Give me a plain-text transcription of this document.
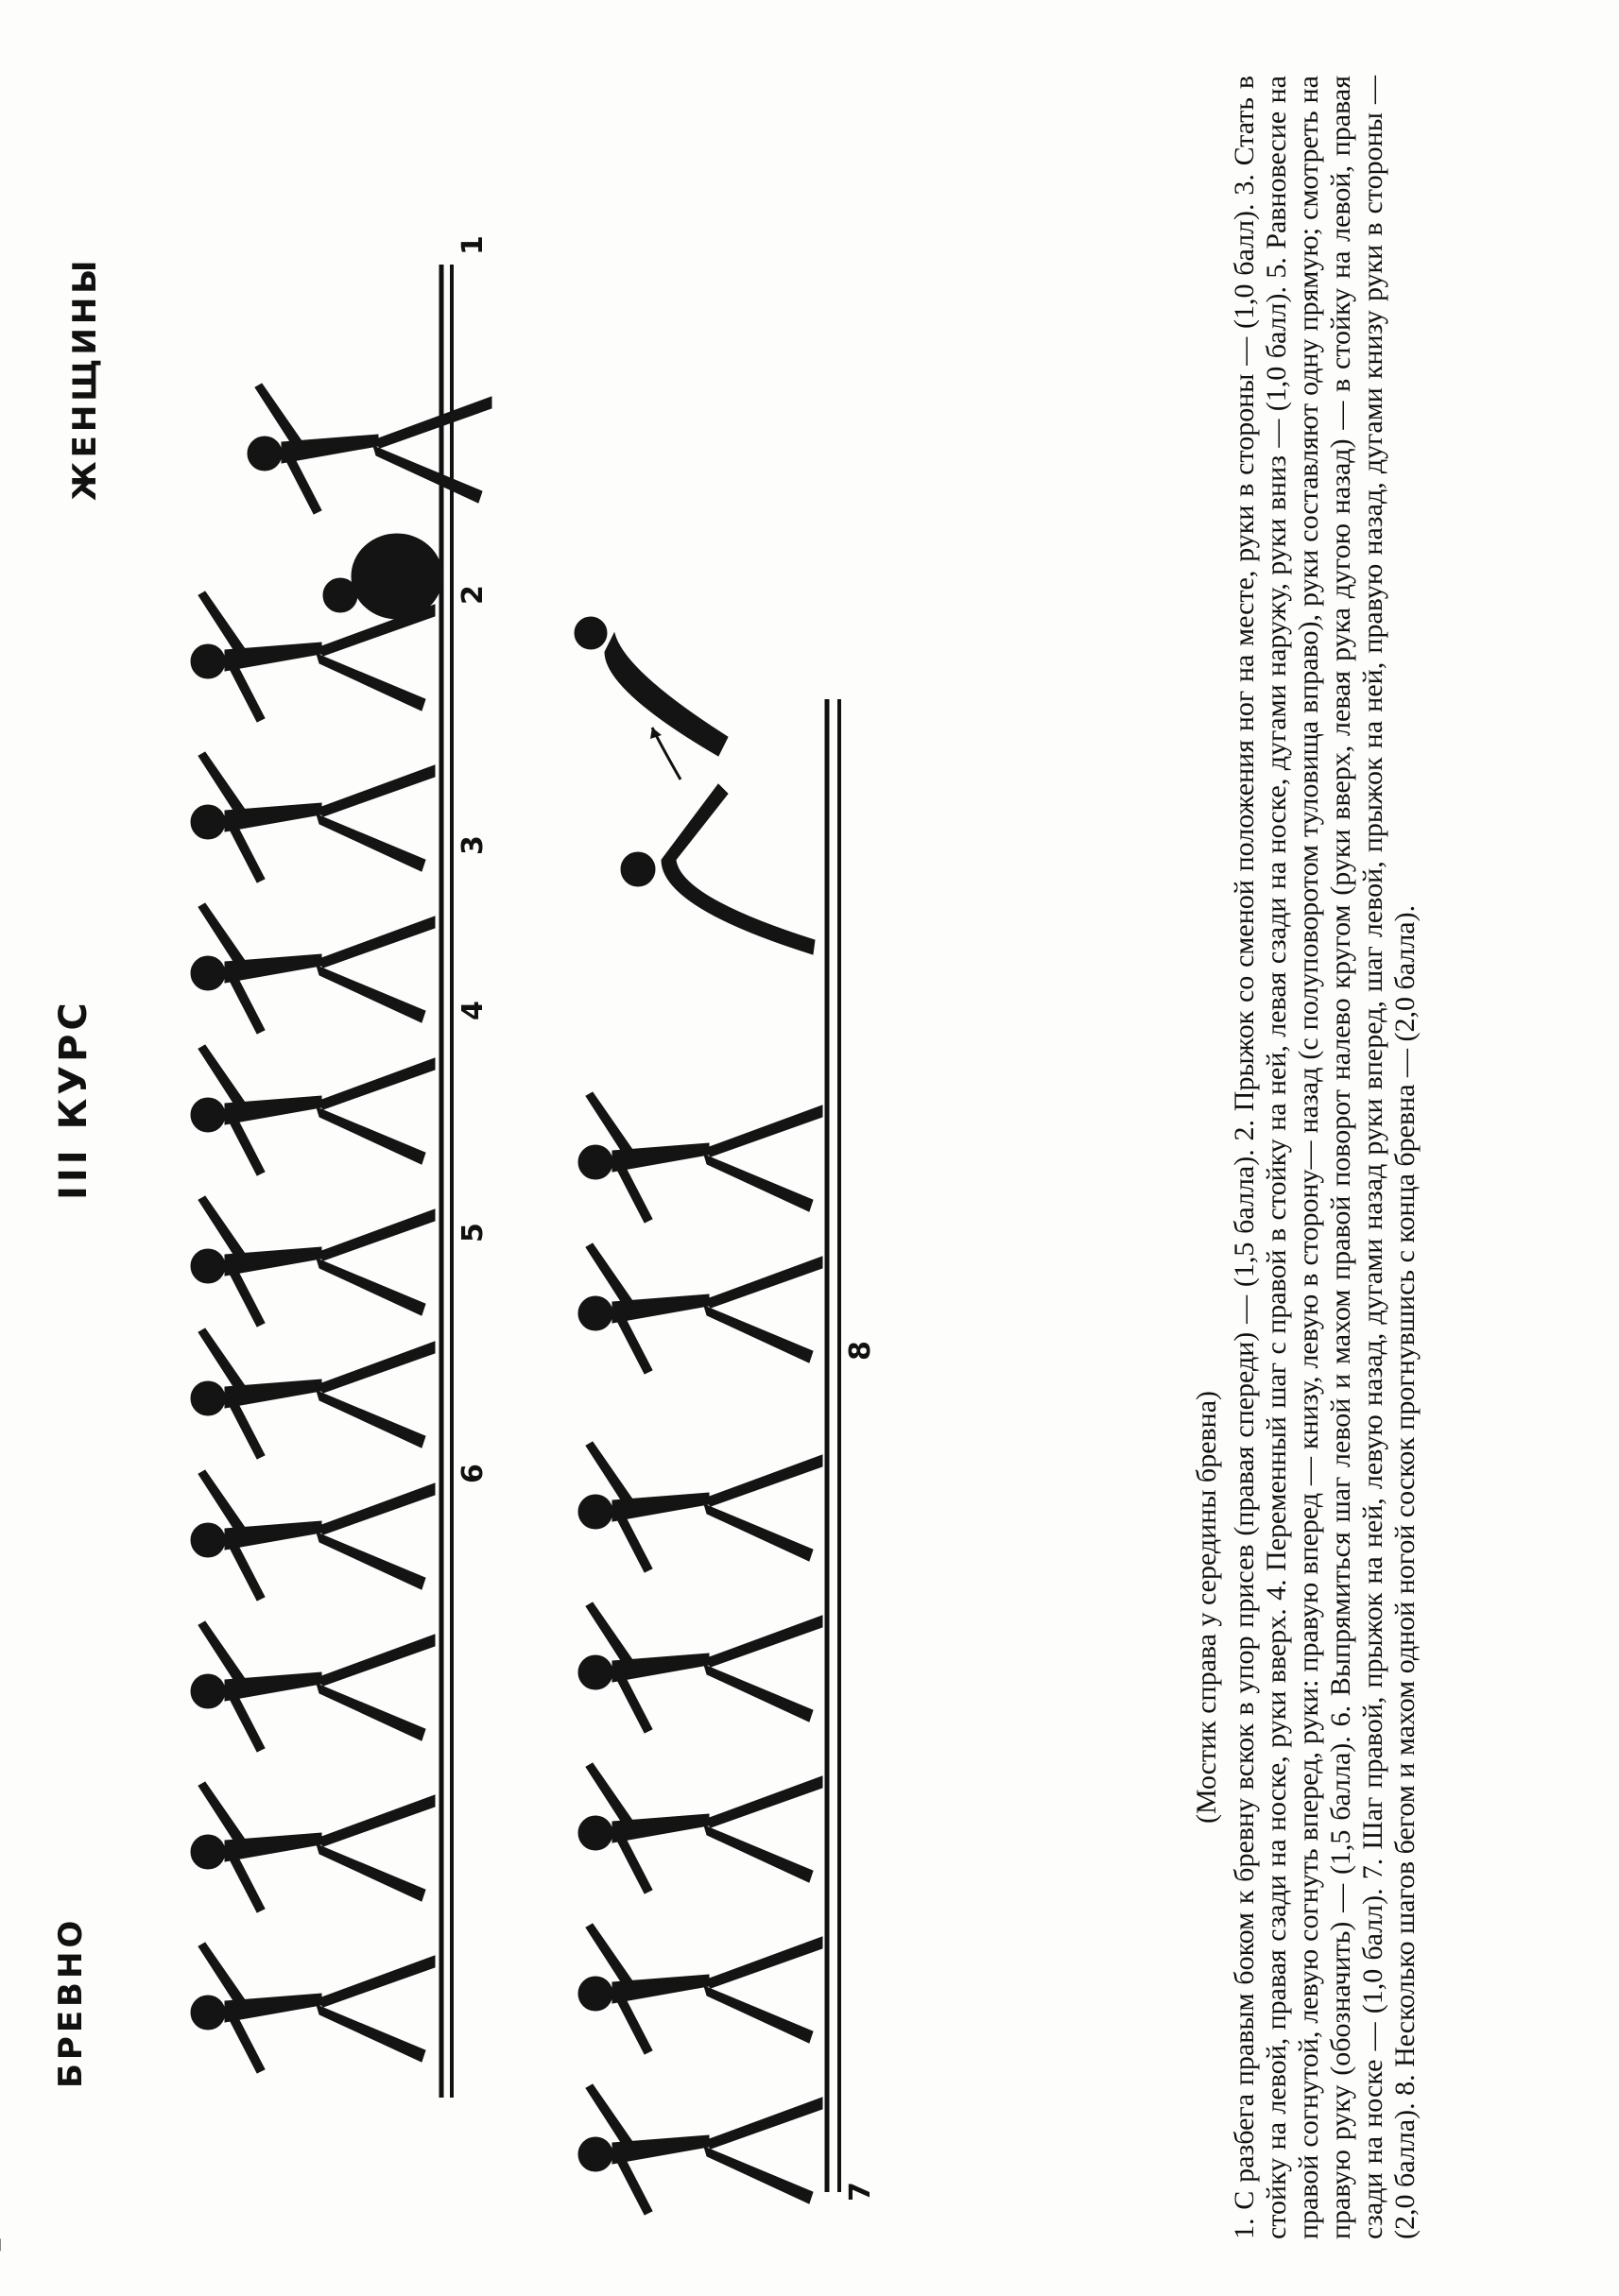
БРЕВНО
III КУРС
ЖЕНЩИНЫ
1
2
3
4
5
6
7
8
(Мостик справа у середины бревна) 1. С разбега правым боком к бревну вскок в упор присев (правая спереди) — (1,5 балла). 2. Прыжок со сменой положения ног на месте, руки в стороны — (1,0 балл). 3. Стать в стойку на левой, правая сзади на носке, руки вверх. 4. Переменный шаг с правой в стойку на ней, левая сзади на носке, дугами наружу, руки вниз — (1,0 балл). 5. Равновесие на правой согнутой, левую согнуть вперед, руки: правую вперед — книзу, левую в сторону— назад (с полуповоротом туловища вправо), руки составляют одну прямую; смотреть на правую руку (обозначить) — (1,5 балла). 6. Выпрямиться шаг левой и махом правой поворот налево кругом (руки вверх, левая рука дугою назад) — в стойку на левой, правая сзади на носке — (1,0 балл). 7. Шаг правой, прыжок на ней, левую назад, дугами назад руки вперед, шаг левой, прыжок на ней, правую назад, дугами книзу руки в стороны — (2,0 балла). 8. Несколько шагов бегом и махом одной ногой соскок прогнувшись с конца бревна — (2,0 балла).
